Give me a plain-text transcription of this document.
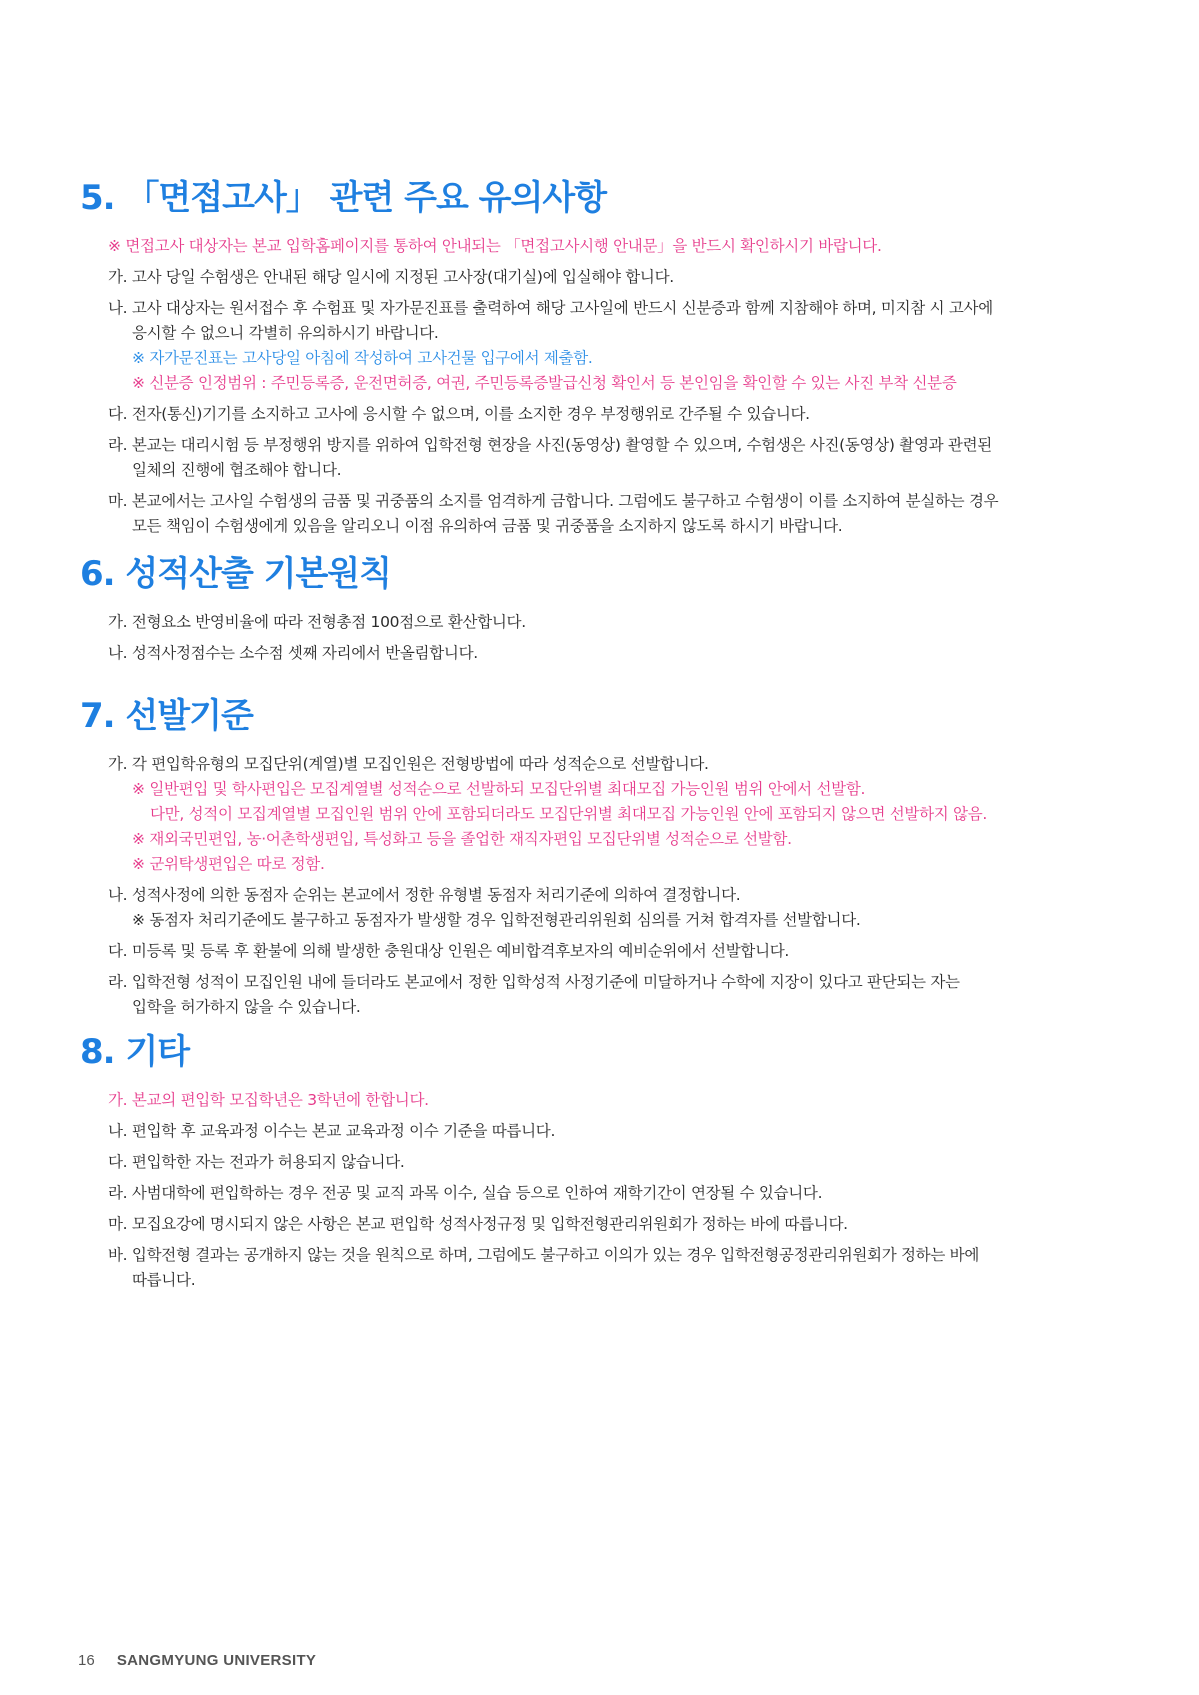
5. 「면접고사」 관련 주요 유의사항

※ 면접고사 대상자는 본교 입학홈페이지를 통하여 안내되는 「면접고사시행 안내문」을 반드시 확인하시기 바랍니다.

가. 고사 당일 수험생은 안내된 해당 일시에 지정된 고사장(대기실)에 입실해야 합니다.

나. 고사 대상자는 원서접수 후 수험표 및 자가문진표를 출력하여 해당 고사일에 반드시 신분증과 함께 지참해야 하며, 미지참 시 고사에

응시할 수 없으니 각별히 유의하시기 바랍니다.

※ 자가문진표는 고사당일 아침에 작성하여 고사건물 입구에서 제출함.

※ 신분증 인정범위 : 주민등록증, 운전면허증, 여권, 주민등록증발급신청 확인서 등 본인임을 확인할 수 있는 사진 부착 신분증

다. 전자(통신)기기를 소지하고 고사에 응시할 수 없으며, 이를 소지한 경우 부정행위로 간주될 수 있습니다.

라. 본교는 대리시험 등 부정행위 방지를 위하여 입학전형 현장을 사진(동영상) 촬영할 수 있으며, 수험생은 사진(동영상) 촬영과 관련된

일체의 진행에 협조해야 합니다.

마. 본교에서는 고사일 수험생의 금품 및 귀중품의 소지를 엄격하게 금합니다. 그럼에도 불구하고 수험생이 이를 소지하여 분실하는 경우

모든 책임이 수험생에게 있음을 알리오니 이점 유의하여 금품 및 귀중품을 소지하지 않도록 하시기 바랍니다.

6. 성적산출 기본원칙

가. 전형요소 반영비율에 따라 전형총점 100점으로 환산합니다.

나. 성적사정점수는 소수점 셋째 자리에서 반올림합니다.

7. 선발기준

가. 각 편입학유형의 모집단위(계열)별 모집인원은 전형방법에 따라 성적순으로 선발합니다.

※ 일반편입 및 학사편입은 모집계열별 성적순으로 선발하되 모집단위별 최대모집 가능인원 범위 안에서 선발함.

다만, 성적이 모집계열별 모집인원 범위 안에 포함되더라도 모집단위별 최대모집 가능인원 안에 포함되지 않으면 선발하지 않음.

※ 재외국민편입, 농·어촌학생편입, 특성화고 등을 졸업한 재직자편입 모집단위별 성적순으로 선발함.

※ 군위탁생편입은 따로 정함.

나. 성적사정에 의한 동점자 순위는 본교에서 정한 유형별 동점자 처리기준에 의하여 결정합니다.

※ 동점자 처리기준에도 불구하고 동점자가 발생할 경우 입학전형관리위원회 심의를 거쳐 합격자를 선발합니다.

다. 미등록 및 등록 후 환불에 의해 발생한 충원대상 인원은 예비합격후보자의 예비순위에서 선발합니다.

라. 입학전형 성적이 모집인원 내에 들더라도 본교에서 정한 입학성적 사정기준에 미달하거나 수학에 지장이 있다고 판단되는 자는

입학을 허가하지 않을 수 있습니다.

8. 기타

가. 본교의 편입학 모집학년은 3학년에 한합니다.

나. 편입학 후 교육과정 이수는 본교 교육과정 이수 기준을 따릅니다.

다. 편입학한 자는 전과가 허용되지 않습니다.

라. 사범대학에 편입학하는 경우 전공 및 교직 과목 이수, 실습 등으로 인하여 재학기간이 연장될 수 있습니다.

마. 모집요강에 명시되지 않은 사항은 본교 편입학 성적사정규정 및 입학전형관리위원회가 정하는 바에 따릅니다.

바. 입학전형 결과는 공개하지 않는 것을 원칙으로 하며, 그럼에도 불구하고 이의가 있는 경우 입학전형공정관리위원회가 정하는 바에

따릅니다.

16 SANGMYUNG UNIVERSITY
